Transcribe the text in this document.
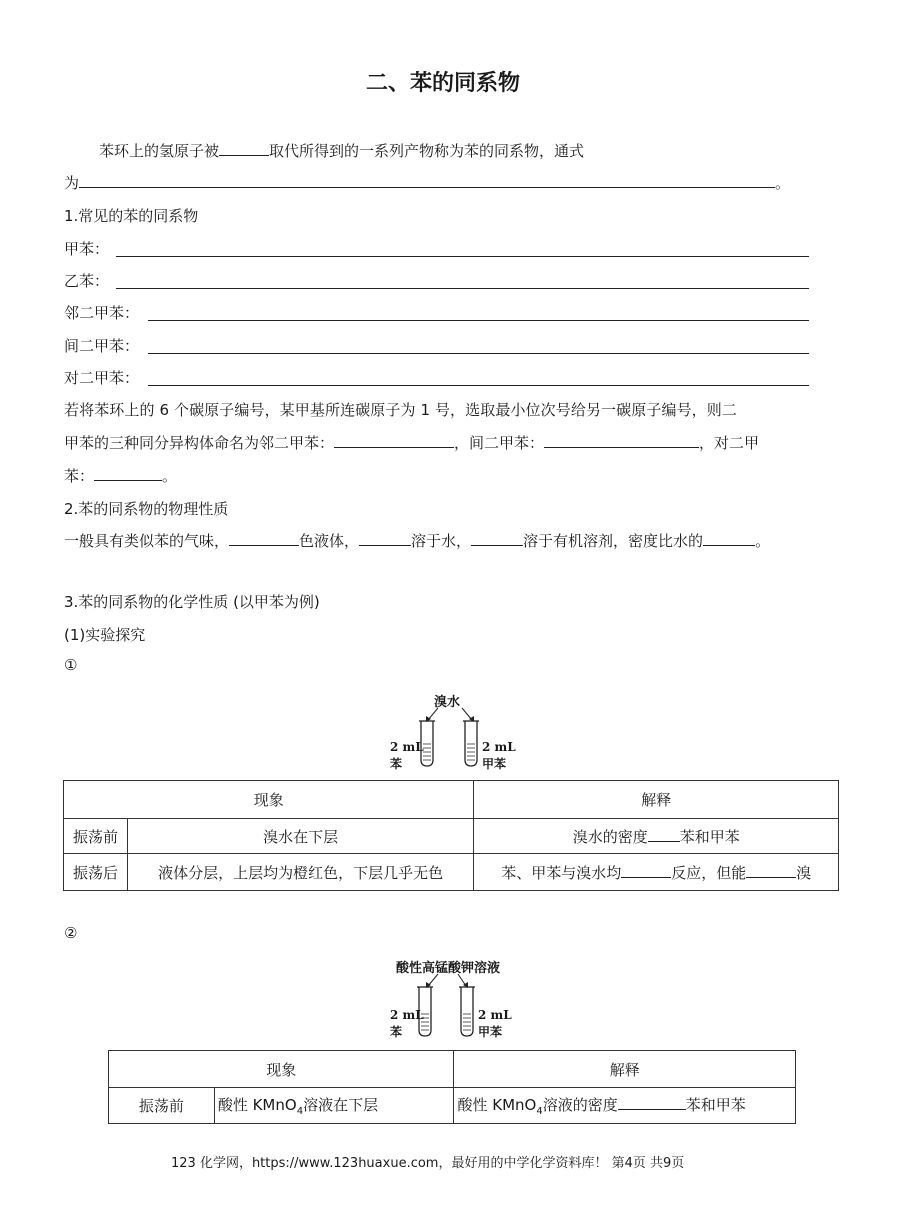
二、苯的同系物
苯环上的氢原子被	取代所得到的一系列产物称为苯的同系物，通式
为	。
1.常见的苯的同系物
甲苯：
乙苯：
邻二甲苯：
间二甲苯：
对二甲苯：
若将苯环上的 6 个碳原子编号，某甲基所连碳原子为 1 号，选取最小位次号给另一碳原子编号，则二
甲苯的三种同分异构体命名为邻二甲苯：	，间二甲苯：	，对二甲
苯：	。
2.苯的同系物的物理性质
一般具有类似苯的气味，	色液体，	溶于水，	溶于有机溶剂，密度比水的	。
3.苯的同系物的化学性质 (以甲苯为例)
(1)实验探究
①
溴水
2 mL
苯
2 mL
甲苯
现象		解释
振荡前	溴水在下层	溴水的密度 苯和甲苯
振荡后	液体分层，上层均为橙红色，下层几乎无色	苯、甲苯与溴水均 反应，但能 溴
②
酸性高锰酸钾溶液
2 mL
苯
2 mL
甲苯
现象		解释
振荡前	酸性 KMnO$_4$溶液在下层	酸性 KMnO$_4$溶液的密度 苯和甲苯
123 化学网，https://www.123huaxue.com，最好用的中学化学资料库！ 第4页 共9页
